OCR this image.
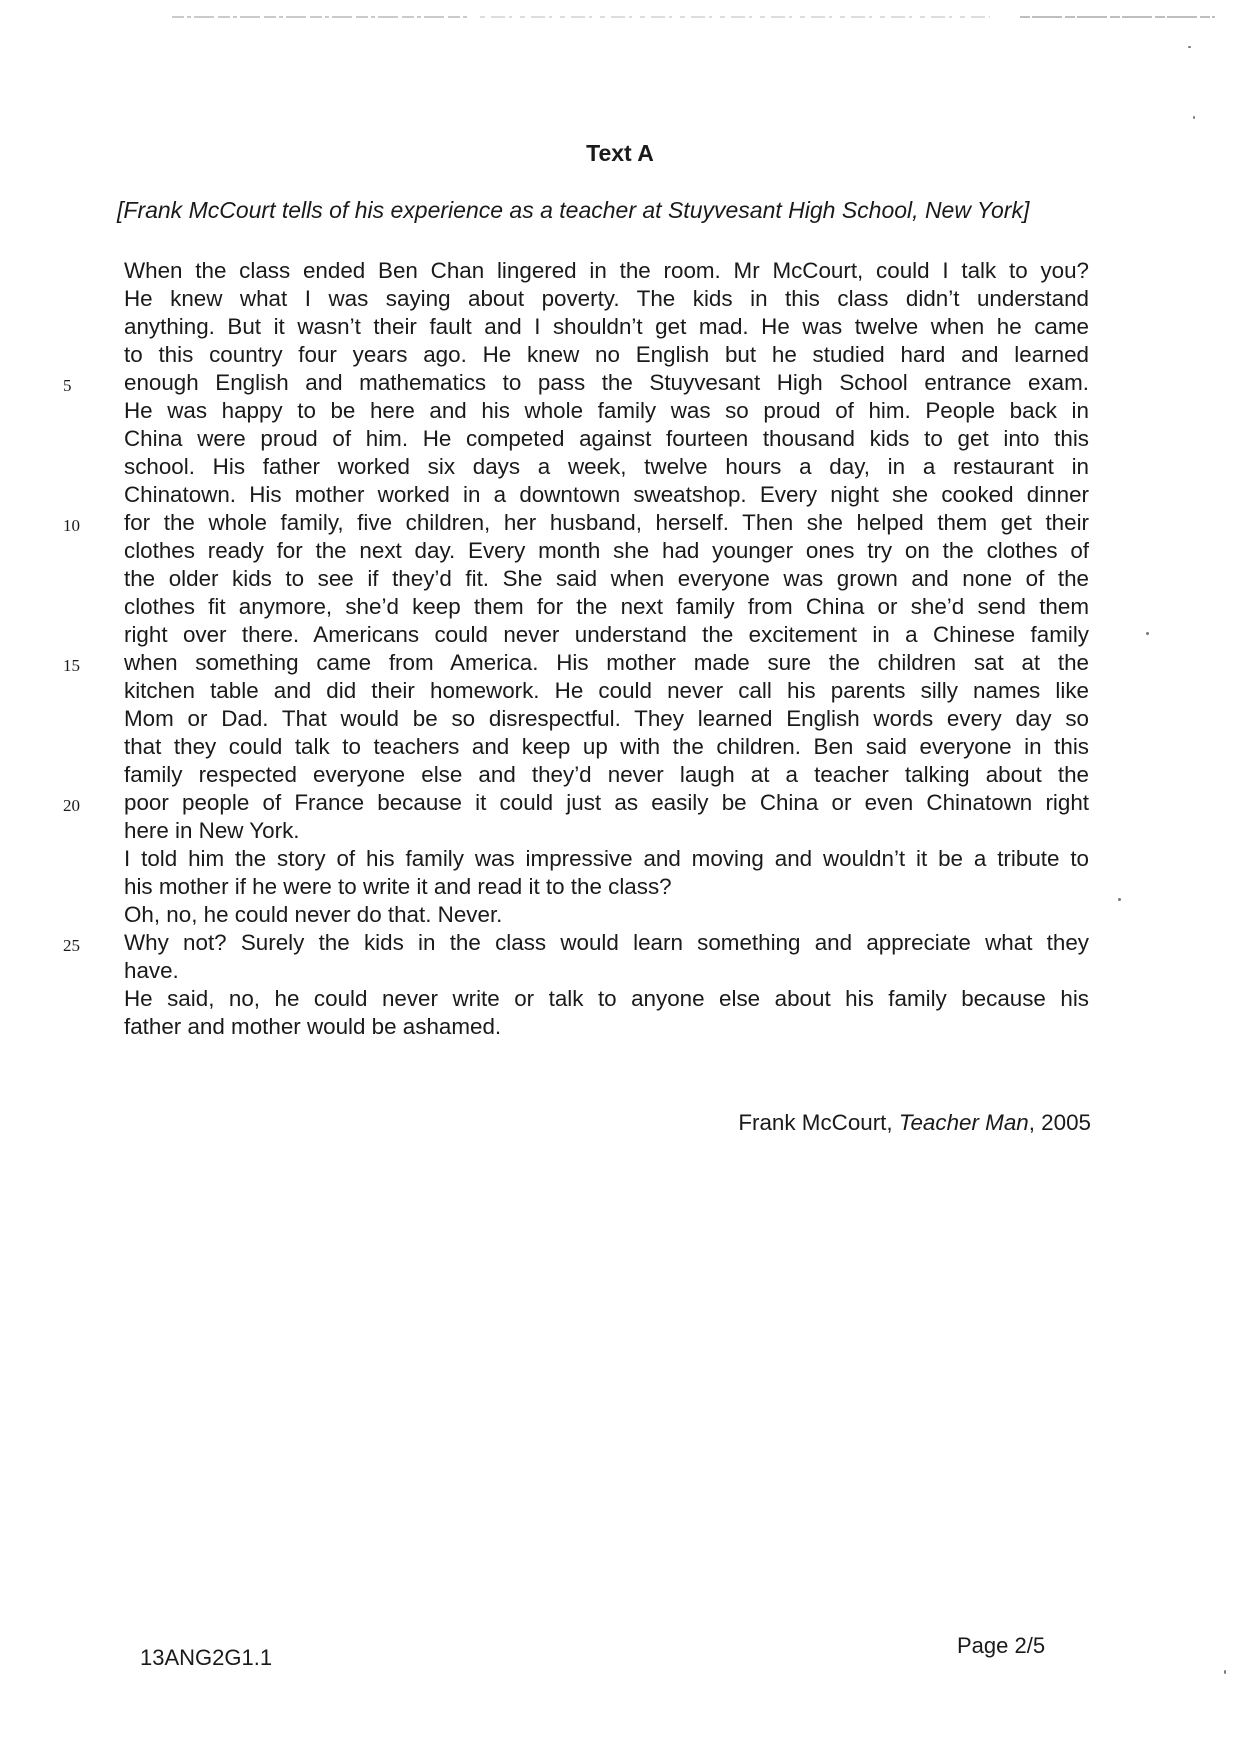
Text A
[Frank McCourt tells of his experience as a teacher at Stuyvesant High School, New York]
When the class ended Ben Chan lingered in the room. Mr McCourt, could I talk to you?
He knew what I was saying about poverty. The kids in this class didn’t understand
anything. But it wasn’t their fault and I shouldn’t get mad. He was twelve when he came
to this country four years ago. He knew no English but he studied hard and learned
enough English and mathematics to pass the Stuyvesant High School entrance exam.
He was happy to be here and his whole family was so proud of him. People back in
China were proud of him. He competed against fourteen thousand kids to get into this
school. His father worked six days a week, twelve hours a day, in a restaurant in
Chinatown. His mother worked in a downtown sweatshop. Every night she cooked dinner
for the whole family, five children, her husband, herself. Then she helped them get their
clothes ready for the next day. Every month she had younger ones try on the clothes of
the older kids to see if they’d fit. She said when everyone was grown and none of the
clothes fit anymore, she’d keep them for the next family from China or she’d send them
right over there. Americans could never understand the excitement in a Chinese family
when something came from America. His mother made sure the children sat at the
kitchen table and did their homework. He could never call his parents silly names like
Mom or Dad. That would be so disrespectful. They learned English words every day so
that they could talk to teachers and keep up with the children. Ben said everyone in this
family respected everyone else and they’d never laugh at a teacher talking about the
poor people of France because it could just as easily be China or even Chinatown right
here in New York.
I told him the story of his family was impressive and moving and wouldn’t it be a tribute to
his mother if he were to write it and read it to the class?
Oh, no, he could never do that. Never.
Why not? Surely the kids in the class would learn something and appreciate what they
have.
He said, no, he could never write or talk to anyone else about his family because his
father and mother would be ashamed.
5
10
15
20
25
Frank McCourt, Teacher Man, 2005
13ANG2G1.1	Page 2/5
